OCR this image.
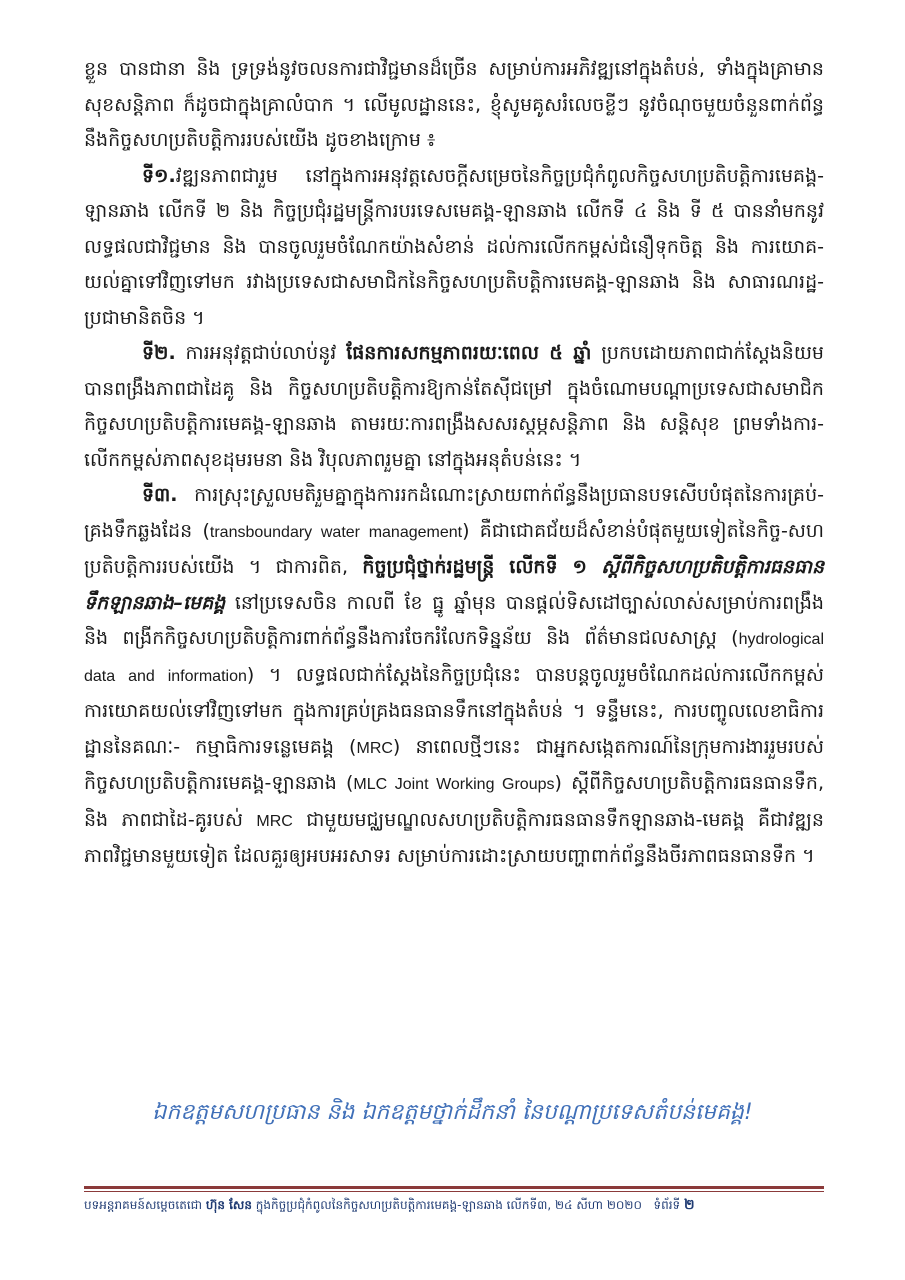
ខ្លួន បានជានា និង ទ្រទ្រង់នូវចលនការជាវិជ្ជមានដ៏ច្រើន សម្រាប់ការអភិវឌ្ឍនៅក្នុងតំបន់, ទាំងក្នុងគ្រាមានសុខសន្តិភាព ក៏ដូចជាក្នុងគ្រាលំបាក ។ លើមូលដ្ឋាននេះ, ខ្ញុំសូមគូសរំលេចខ្លីៗ នូវចំណុចមួយចំនួនពាក់ព័ន្ធនឹងកិច្ចសហប្រតិបត្តិការរបស់យើង ដូចខាងក្រោម ៖

ទី១.វឌ្ឍនភាពជារួម នៅក្នុងការអនុវត្តសេចក្តីសម្រេចនៃកិច្ចប្រជុំកំពូលកិច្ចសហប្រតិបត្តិការមេគង្គ-ឡានឆាង លើកទី ២ និង កិច្ចប្រជុំរដ្ឋមន្ត្រីការបរទេសមេគង្គ-ឡានឆាង លើកទី ៤ និង ទី ៥ បាននាំមកនូវលទ្ធផលជាវិជ្ជមាន និង បានចូលរួមចំណែកយ៉ាងសំខាន់ ដល់ការលើកកម្ពស់ជំនឿទុកចិត្ត និង ការយោគ-យល់គ្នាទៅវិញទៅមក រវាងប្រទេសជាសមាជិកនៃកិច្ចសហប្រតិបត្តិការមេគង្គ-ឡានឆាង និង សាធារណរដ្ឋ-ប្រជាមានិតចិន ។

ទី២. ការអនុវត្តជាប់លាប់នូវ ផែនការសកម្មភាពរយៈពេល ៥ ឆ្នាំ ប្រកបដោយភាពជាក់ស្តែងនិយម បានពង្រឹងភាពជាដៃគូ និង កិច្ចសហប្រតិបត្តិការឱ្យកាន់តែស៊ីជម្រៅ ក្នុងចំណោមបណ្តាប្រទេសជាសមាជិកកិច្ចសហប្រតិបត្តិការមេគង្គ-ឡានឆាង តាមរយៈការពង្រឹងសសរស្តម្ភសន្តិភាព និង សន្តិសុខ ព្រមទាំងការ-លើកកម្ពស់ភាពសុខដុមរមនា និង វិបុលភាពរួមគ្នា នៅក្នុងអនុតំបន់នេះ ។

ទី៣. ការស្រុះស្រួលមតិរួមគ្នាក្នុងការរកដំណោះស្រាយពាក់ព័ន្ធនឹងប្រធានបទសើបបំផុតនៃការគ្រប់-គ្រងទឹកឆ្លងដែន (transboundary water management) គឺជាជោគជ័យដ៏សំខាន់បំផុតមួយទៀតនៃកិច្ច-សហប្រតិបត្តិការរបស់យើង ។ ជាការពិត, កិច្ចប្រជុំថ្នាក់រដ្ឋមន្ត្រី លើកទី ១ ស្តីពីកិច្ចសហប្រតិបត្តិការធនធានទឹកឡានឆាង–មេគង្គ នៅប្រទេសចិន កាលពី ខែ ធ្នូ ឆ្នាំមុន បានផ្តល់ទិសដៅច្បាស់លាស់សម្រាប់ការពង្រឹង និង ពង្រីកកិច្ចសហប្រតិបត្តិការពាក់ព័ន្ធនឹងការចែករំលែកទិន្នន័យ និង ព័ត៌មានជលសាស្ត្រ (hydrological data and information) ។ លទ្ធផលជាក់ស្តែងនៃកិច្ចប្រជុំនេះ បានបន្តចូលរួមចំណែកដល់ការលើកកម្ពស់ការយោគយល់ទៅវិញទៅមក ក្នុងការគ្រប់គ្រងធនធានទឹកនៅក្នុងតំបន់ ។ ទន្ទឹមនេះ, ការបញ្ចូលលេខាធិការដ្ឋាននៃគណៈ- កម្មាធិការទន្លេមេគង្គ (MRC) នាពេលថ្មីៗនេះ ជាអ្នកសង្កេតការណ៍នៃក្រុមការងាររួមរបស់កិច្ចសហប្រតិបត្តិការមេគង្គ-ឡានឆាង (MLC Joint Working Groups) ស្តីពីកិច្ចសហប្រតិបត្តិការធនធានទឹក, និង ភាពជាដៃ-គូរបស់ MRC ជាមួយមជ្ឈមណ្ឌលសហប្រតិបត្តិការធនធានទឹកឡានឆាង-មេគង្គ គឺជាវឌ្ឍនភាពវិជ្ជមានមួយទៀត ដែលគួរឲ្យអបអរសាទរ សម្រាប់ការដោះស្រាយបញ្ហាពាក់ព័ន្ធនឹងចីរភាពធនធានទឹក ។

ឯកឧត្តមសហប្រធាន និង ឯកឧត្តមថ្នាក់ដឹកនាំ នៃបណ្តាប្រទេសតំបន់មេគង្គ!
បទអន្តរាគមន៍សម្តេចតេជោ ហ៊ុន សែន ក្នុងកិច្ចប្រជុំកំពូលនៃកិច្ចសហប្រតិបត្តិការមេគង្គ-ឡានឆាង លើកទី៣, ២៤ សីហា ២០២០ ទំព័រទី ២
